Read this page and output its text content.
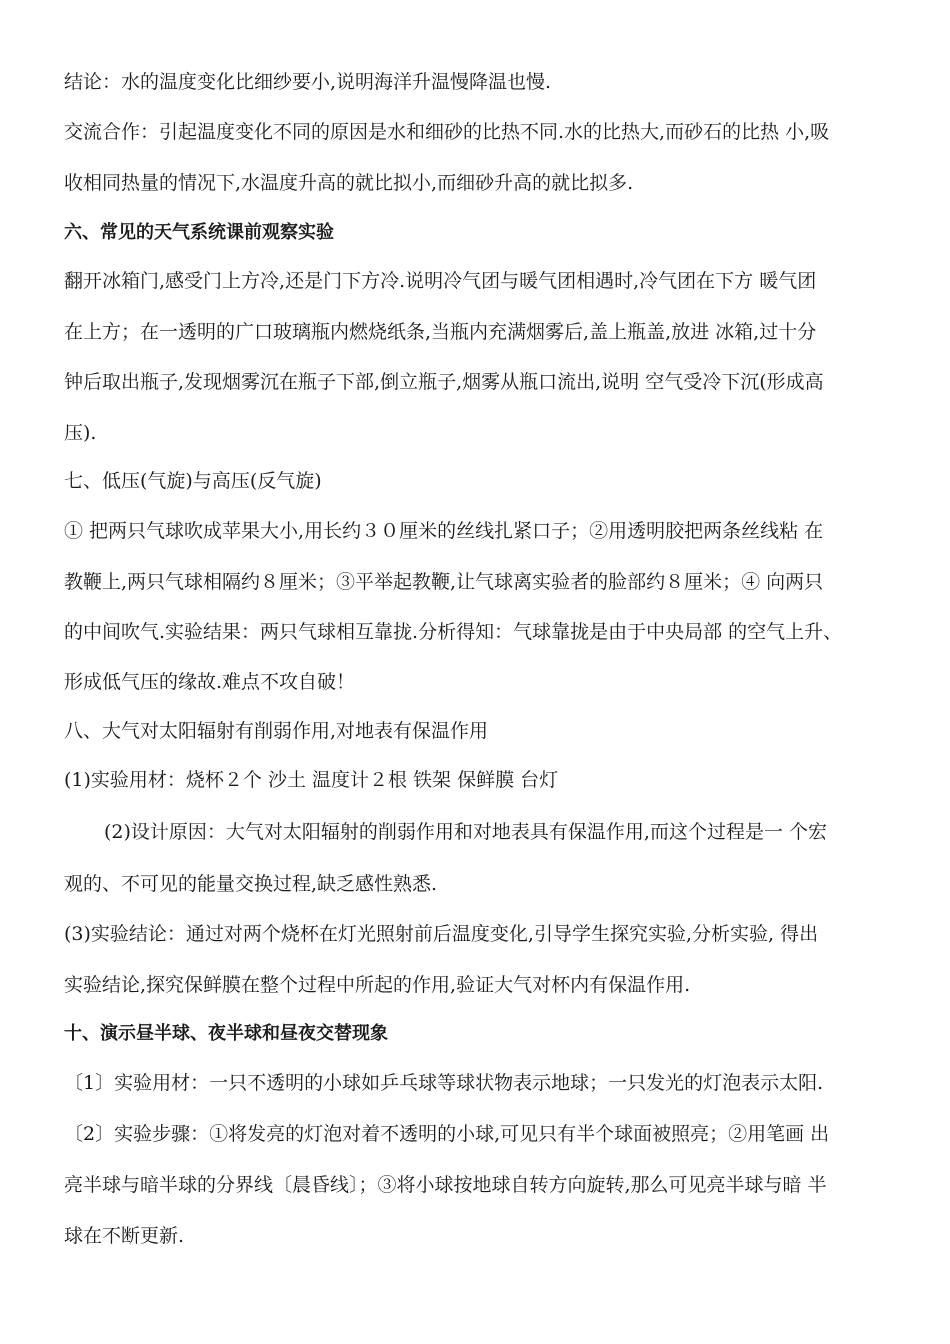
结论：水的温度变化比细纱要小,说明海洋升温慢降温也慢.
交流合作：引起温度变化不同的原因是水和细砂的比热不同.水的比热大,而砂石的比热 小,吸
收相同热量的情况下,水温度升高的就比拟小,而细砂升高的就比拟多.
六、常见的天气系统课前观察实验
翻开冰箱门,感受门上方冷,还是门下方冷.说明冷气团与暖气团相遇时,冷气团在下方 暖气团
在上方；在一透明的广口玻璃瓶内燃烧纸条,当瓶内充满烟雾后,盖上瓶盖,放进 冰箱,过十分
钟后取出瓶子,发现烟雾沉在瓶子下部,倒立瓶子,烟雾从瓶口流出,说明 空气受冷下沉(形成高
压).
七、低压(气旋)与高压(反气旋)
① 把两只气球吹成苹果大小,用长约３０厘米的丝线扎紧口子；②用透明胶把两条丝线粘 在
教鞭上,两只气球相隔约８厘米；③平举起教鞭,让气球离实验者的脸部约８厘米；④ 向两只
的中间吹气.实验结果：两只气球相互靠拢.分析得知：气球靠拢是由于中央局部 的空气上升、
形成低气压的缘故.难点不攻自破！
八、大气对太阳辐射有削弱作用,对地表有保温作用
(1)实验用材：烧杯２个 沙土 温度计２根 铁架 保鲜膜 台灯
(2)设计原因：大气对太阳辐射的削弱作用和对地表具有保温作用,而这个过程是一 个宏
观的、不可见的能量交换过程,缺乏感性熟悉.
(3)实验结论：通过对两个烧杯在灯光照射前后温度变化,引导学生探究实验,分析实验, 得出
实验结论,探究保鲜膜在整个过程中所起的作用,验证大气对杯内有保温作用.
十、演示昼半球、夜半球和昼夜交替现象
〔1〕实验用材：一只不透明的小球如乒乓球等球状物表示地球；一只发光的灯泡表示太阳.
〔2〕实验步骤：①将发亮的灯泡对着不透明的小球,可见只有半个球面被照亮；②用笔画 出
亮半球与暗半球的分界线〔晨昏线〕；③将小球按地球自转方向旋转,那么可见亮半球与暗 半
球在不断更新.
